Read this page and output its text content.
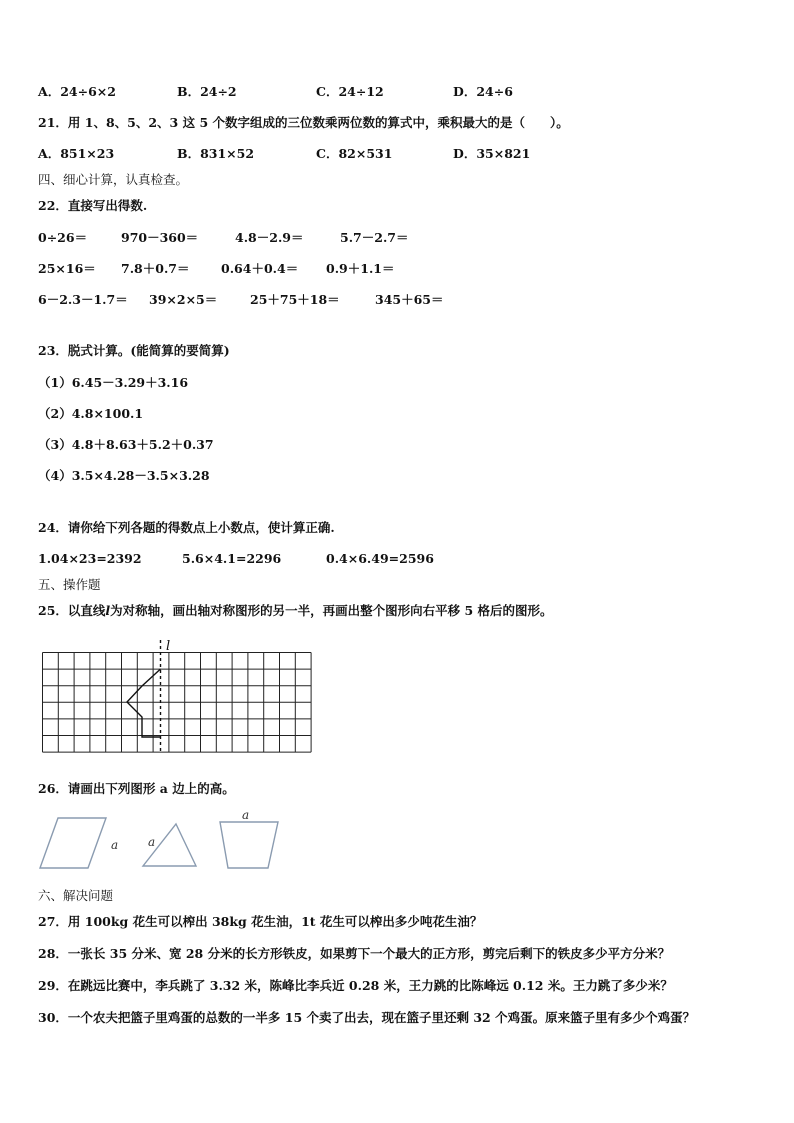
A．24÷6×2	B．24÷2	C．24÷12	D．24÷6
21．用 1、8、5、2、3 这 5 个数字组成的三位数乘两位数的算式中，乘积最大的是（　　）。
A．851×23	B．831×52	C．82×531	D．35×821
四、细心计算，认真检查。
22．直接写出得数.
0÷26＝	970－360＝	4.8－2.9＝	5.7－2.7＝
25×16＝ 7.8＋0.7＝	0.64＋0.4＝ 0.9＋1.1＝
6－2.3－1.7＝ 39×2×5＝	25＋75＋18＝	345＋65＝
23．脱式计算。(能简算的要简算)
（1）6.45－3.29＋3.16
（2）4.8×100.1
（3）4.8＋8.63＋5.2＋0.37
（4）3.5×4.28－3.5×3.28
24．请你给下列各题的得数点上小数点，使计算正确.
1.04×23=2392	5.6×4.1=2296	0.4×6.49=2596
五、操作题
25．以直线l为对称轴，画出轴对称图形的另一半，再画出整个图形向右平移 5 格后的图形。
l
26．请画出下列图形 a 边上的高。
a a
a
六、解决问题
27．用 100kg 花生可以榨出 38kg 花生油，1t 花生可以榨出多少吨花生油？
28．一张长 35 分米、宽 28 分米的长方形铁皮，如果剪下一个最大的正方形，剪完后剩下的铁皮多少平方分米？
29．在跳远比赛中，李兵跳了 3.32 米，陈峰比李兵近 0.28 米，王力跳的比陈峰远 0.12 米。王力跳了多少米？
30．一个农夫把篮子里鸡蛋的总数的一半多 15 个卖了出去，现在篮子里还剩 32 个鸡蛋。原来篮子里有多少个鸡蛋？
